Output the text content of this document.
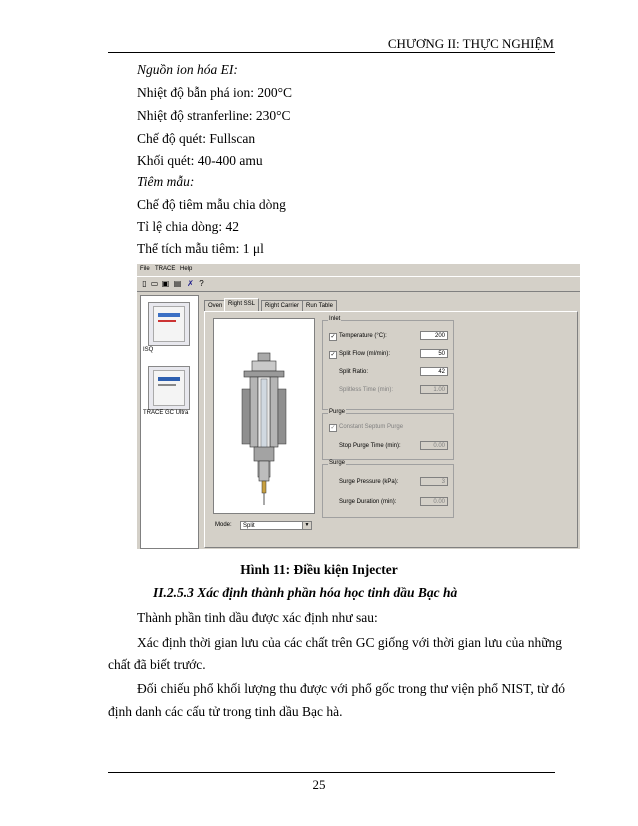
CHƯƠNG II: THỰC NGHIỆM
Nguồn ion hóa EI:
Nhiệt độ bẫn phá ion: 200°C
Nhiệt độ stranferline: 230°C
Chế độ quét: Fullscan
Khối quét: 40-400 amu
Tiêm mẫu:
Chế độ tiêm mẫu chia dòng
Tỉ lệ chia dòng: 42
Thể tích mẫu tiêm: 1 μl
File TRACE Help
▯ ▭ ▣ ▤ ✗ ?
ISQ
TRACE GC Ultra
Oven Right SSL	Right Carrier	Run Table
Inlet
✓ Temperature (°C):	200
✓ Split Flow (ml/min):	50
Split Ratio:	42
Splitless Time (min):	1.00
Purge
✓ Constant Septum Purge
Stop Purge Time (min):	0.00
Surge
Surge Pressure (kPa):	3
Surge Duration (min):	0.00
Mode:	Split	▼
Hình 11: Điều kiện Injecter
II.2.5.3 Xác định thành phần hóa học tinh dầu Bạc hà
Thành phần tinh dầu được xác định như sau:
Xác định thời gian lưu của các chất trên GC giống với thời gian lưu của những
chất đã biết trước.
Đối chiếu phổ khối lượng thu được với phổ gốc trong thư viện phổ NIST, từ đó
định danh các cấu tử trong tinh dầu Bạc hà.
25
